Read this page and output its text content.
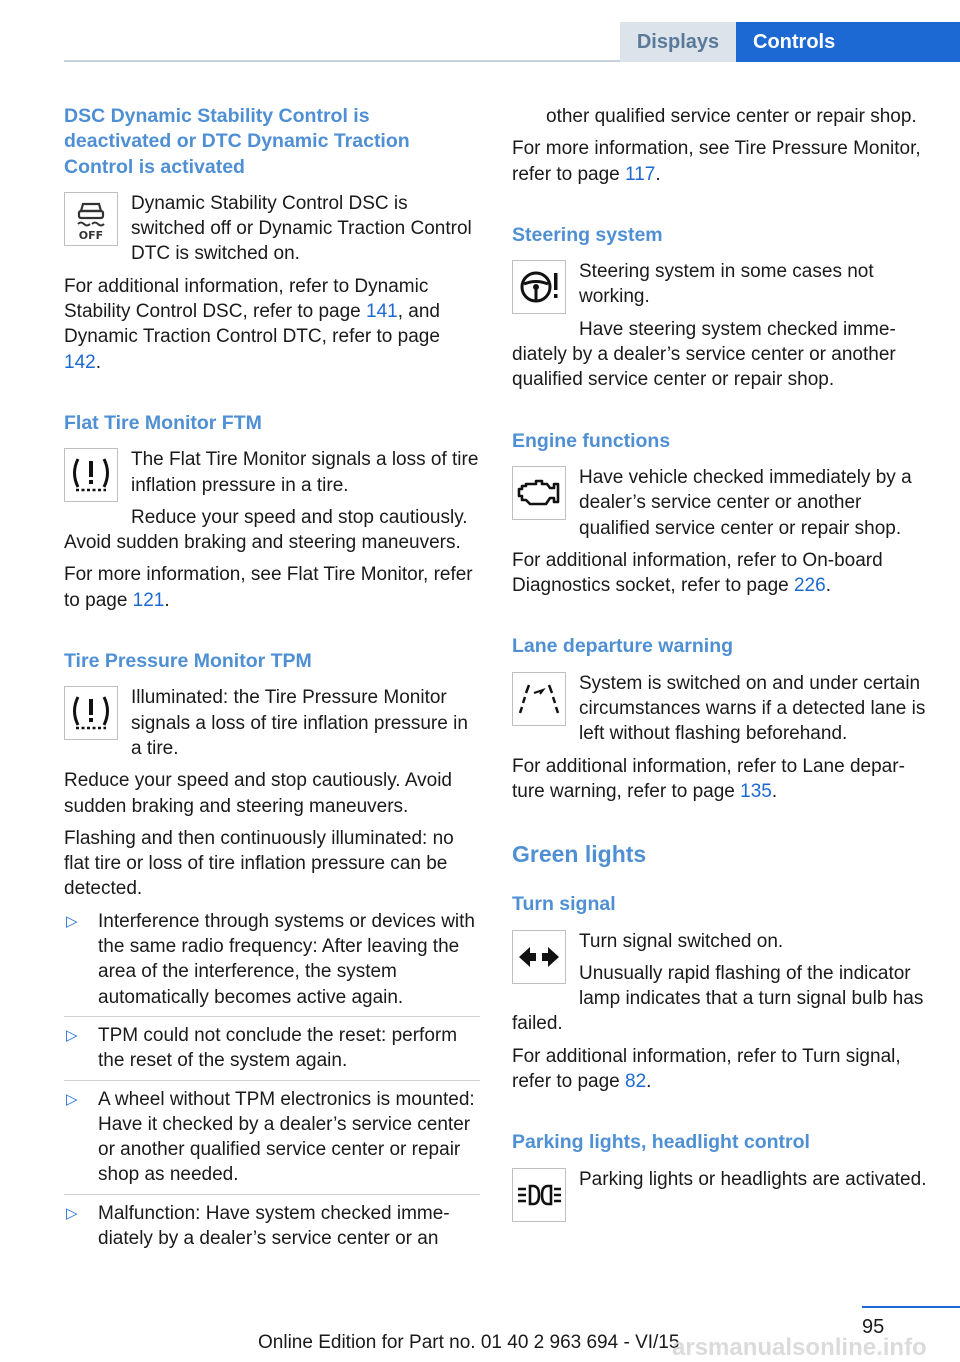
Displays	Controls

DSC Dynamic Stability Control is deactivated or DTC Dynamic Traction Control is activated

OFF

Dynamic Stability Control DSC is switched off or Dynamic Traction Control DTC is switched on.

For additional information, refer to Dynamic Stability Control DSC, refer to page 141, and Dynamic Traction Control DTC, refer to page 142.

Flat Tire Monitor FTM

The Flat Tire Monitor signals a loss of tire inflation pressure in a tire.

Reduce your speed and stop cautiously. Avoid sudden braking and steering maneuvers.

For more information, see Flat Tire Monitor, refer to page 121.

Tire Pressure Monitor TPM

Illuminated: the Tire Pressure Monitor signals a loss of tire inflation pressure in a tire.

Reduce your speed and stop cautiously. Avoid sudden braking and steering maneuvers.

Flashing and then continuously illuminated: no flat tire or loss of tire inflation pressure can be detected.

▷ Interference through systems or devices with the same radio frequency: After leaving the area of the interference, the system automatically becomes active again.
▷ TPM could not conclude the reset: perform the reset of the system again.
▷ A wheel without TPM electronics is mounted: Have it checked by a dealer’s service center or another qualified service center or repair shop as needed.
▷ Malfunction: Have system checked immediately by a dealer’s service center or an

other qualified service center or repair shop.

For more information, see Tire Pressure Monitor, refer to page 117.

Steering system

Steering system in some cases not working.

Have steering system checked immediately by a dealer’s service center or another qualified service center or repair shop.

Engine functions

Have vehicle checked immediately by a dealer’s service center or another qualified service center or repair shop.

For additional information, refer to On-board Diagnostics socket, refer to page 226.

Lane departure warning

System is switched on and under certain circumstances warns if a detected lane is left without flashing beforehand.

For additional information, refer to Lane departure warning, refer to page 135.

Green lights

Turn signal

Turn signal switched on.

Unusually rapid flashing of the indicator lamp indicates that a turn signal bulb has failed.

For additional information, refer to Turn signal, refer to page 82.

Parking lights, headlight control

Parking lights or headlights are activated.

95
Online Edition for Part no. 01 40 2 963 694 - VI/15
arsmanualsonline.info
